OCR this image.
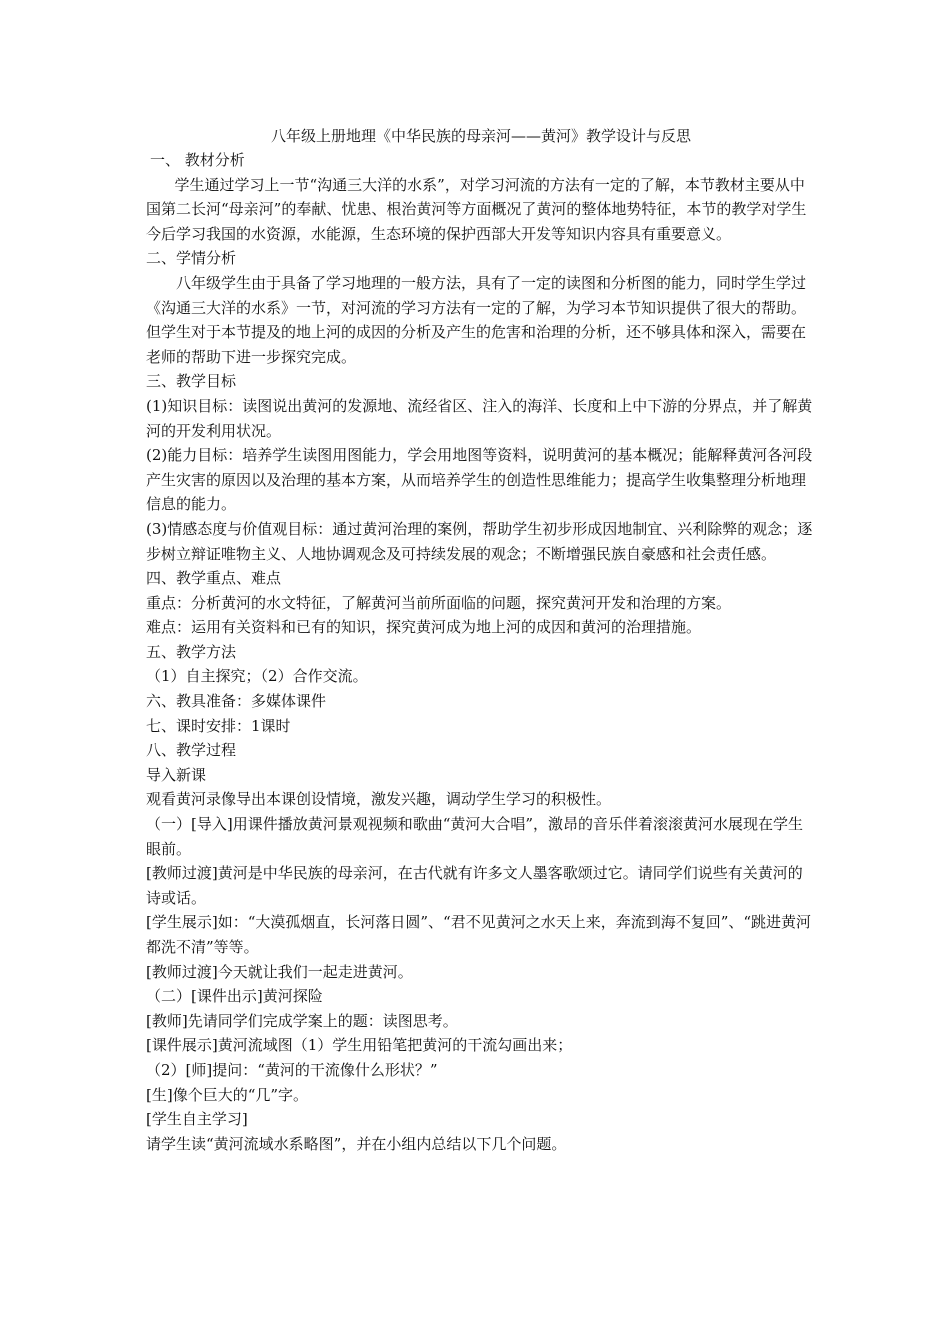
八年级上册地理《中华民族的母亲河——黄河》教学设计与反思

一、 教材分析

学生通过学习上一节“沟通三大洋的水系”，对学习河流的方法有一定的了解，本节教材主要从中国第二长河“母亲河”的奉献、忧患、根治黄河等方面概况了黄河的整体地势特征，本节的教学对学生今后学习我国的水资源，水能源，生态环境的保护西部大开发等知识内容具有重要意义。

二、学情分析

八年级学生由于具备了学习地理的一般方法，具有了一定的读图和分析图的能力，同时学生学过《沟通三大洋的水系》一节，对河流的学习方法有一定的了解，为学习本节知识提供了很大的帮助。但学生对于本节提及的地上河的成因的分析及产生的危害和治理的分析，还不够具体和深入，需要在老师的帮助下进一步探究完成。

三、教学目标

(1)知识目标：读图说出黄河的发源地、流经省区、注入的海洋、长度和上中下游的分界点，并了解黄河的开发利用状况。

(2)能力目标：培养学生读图用图能力，学会用地图等资料，说明黄河的基本概况；能解释黄河各河段产生灾害的原因以及治理的基本方案，从而培养学生的创造性思维能力；提高学生收集整理分析地理信息的能力。

(3)情感态度与价值观目标：通过黄河治理的案例，帮助学生初步形成因地制宜、兴利除弊的观念；逐步树立辩证唯物主义、人地协调观念及可持续发展的观念；不断增强民族自豪感和社会责任感。

四、教学重点、难点

重点：分析黄河的水文特征，了解黄河当前所面临的问题，探究黄河开发和治理的方案。

难点：运用有关资料和已有的知识，探究黄河成为地上河的成因和黄河的治理措施。

五、教学方法

（1）自主探究；（2）合作交流。

六、教具准备：多媒体课件

七、课时安排：1课时

八、教学过程

导入新课

观看黄河录像导出本课创设情境，激发兴趣，调动学生学习的积极性。

（一）[导入]用课件播放黄河景观视频和歌曲“黄河大合唱”，激昂的音乐伴着滚滚黄河水展现在学生眼前。

[教师过渡]黄河是中华民族的母亲河，在古代就有许多文人墨客歌颂过它。请同学们说些有关黄河的诗或话。

[学生展示]如：“大漠孤烟直，长河落日圆”、“君不见黄河之水天上来，奔流到海不复回”、“跳进黄河都洗不清”等等。

[教师过渡]今天就让我们一起走进黄河。

（二）[课件出示]黄河探险

[教师]先请同学们完成学案上的题：读图思考。

[课件展示]黄河流域图（1）学生用铅笔把黄河的干流勾画出来；

（2）[师]提问：“黄河的干流像什么形状？”

[生]像个巨大的“几”字。

[学生自主学习]

请学生读“黄河流域水系略图”，并在小组内总结以下几个问题。
